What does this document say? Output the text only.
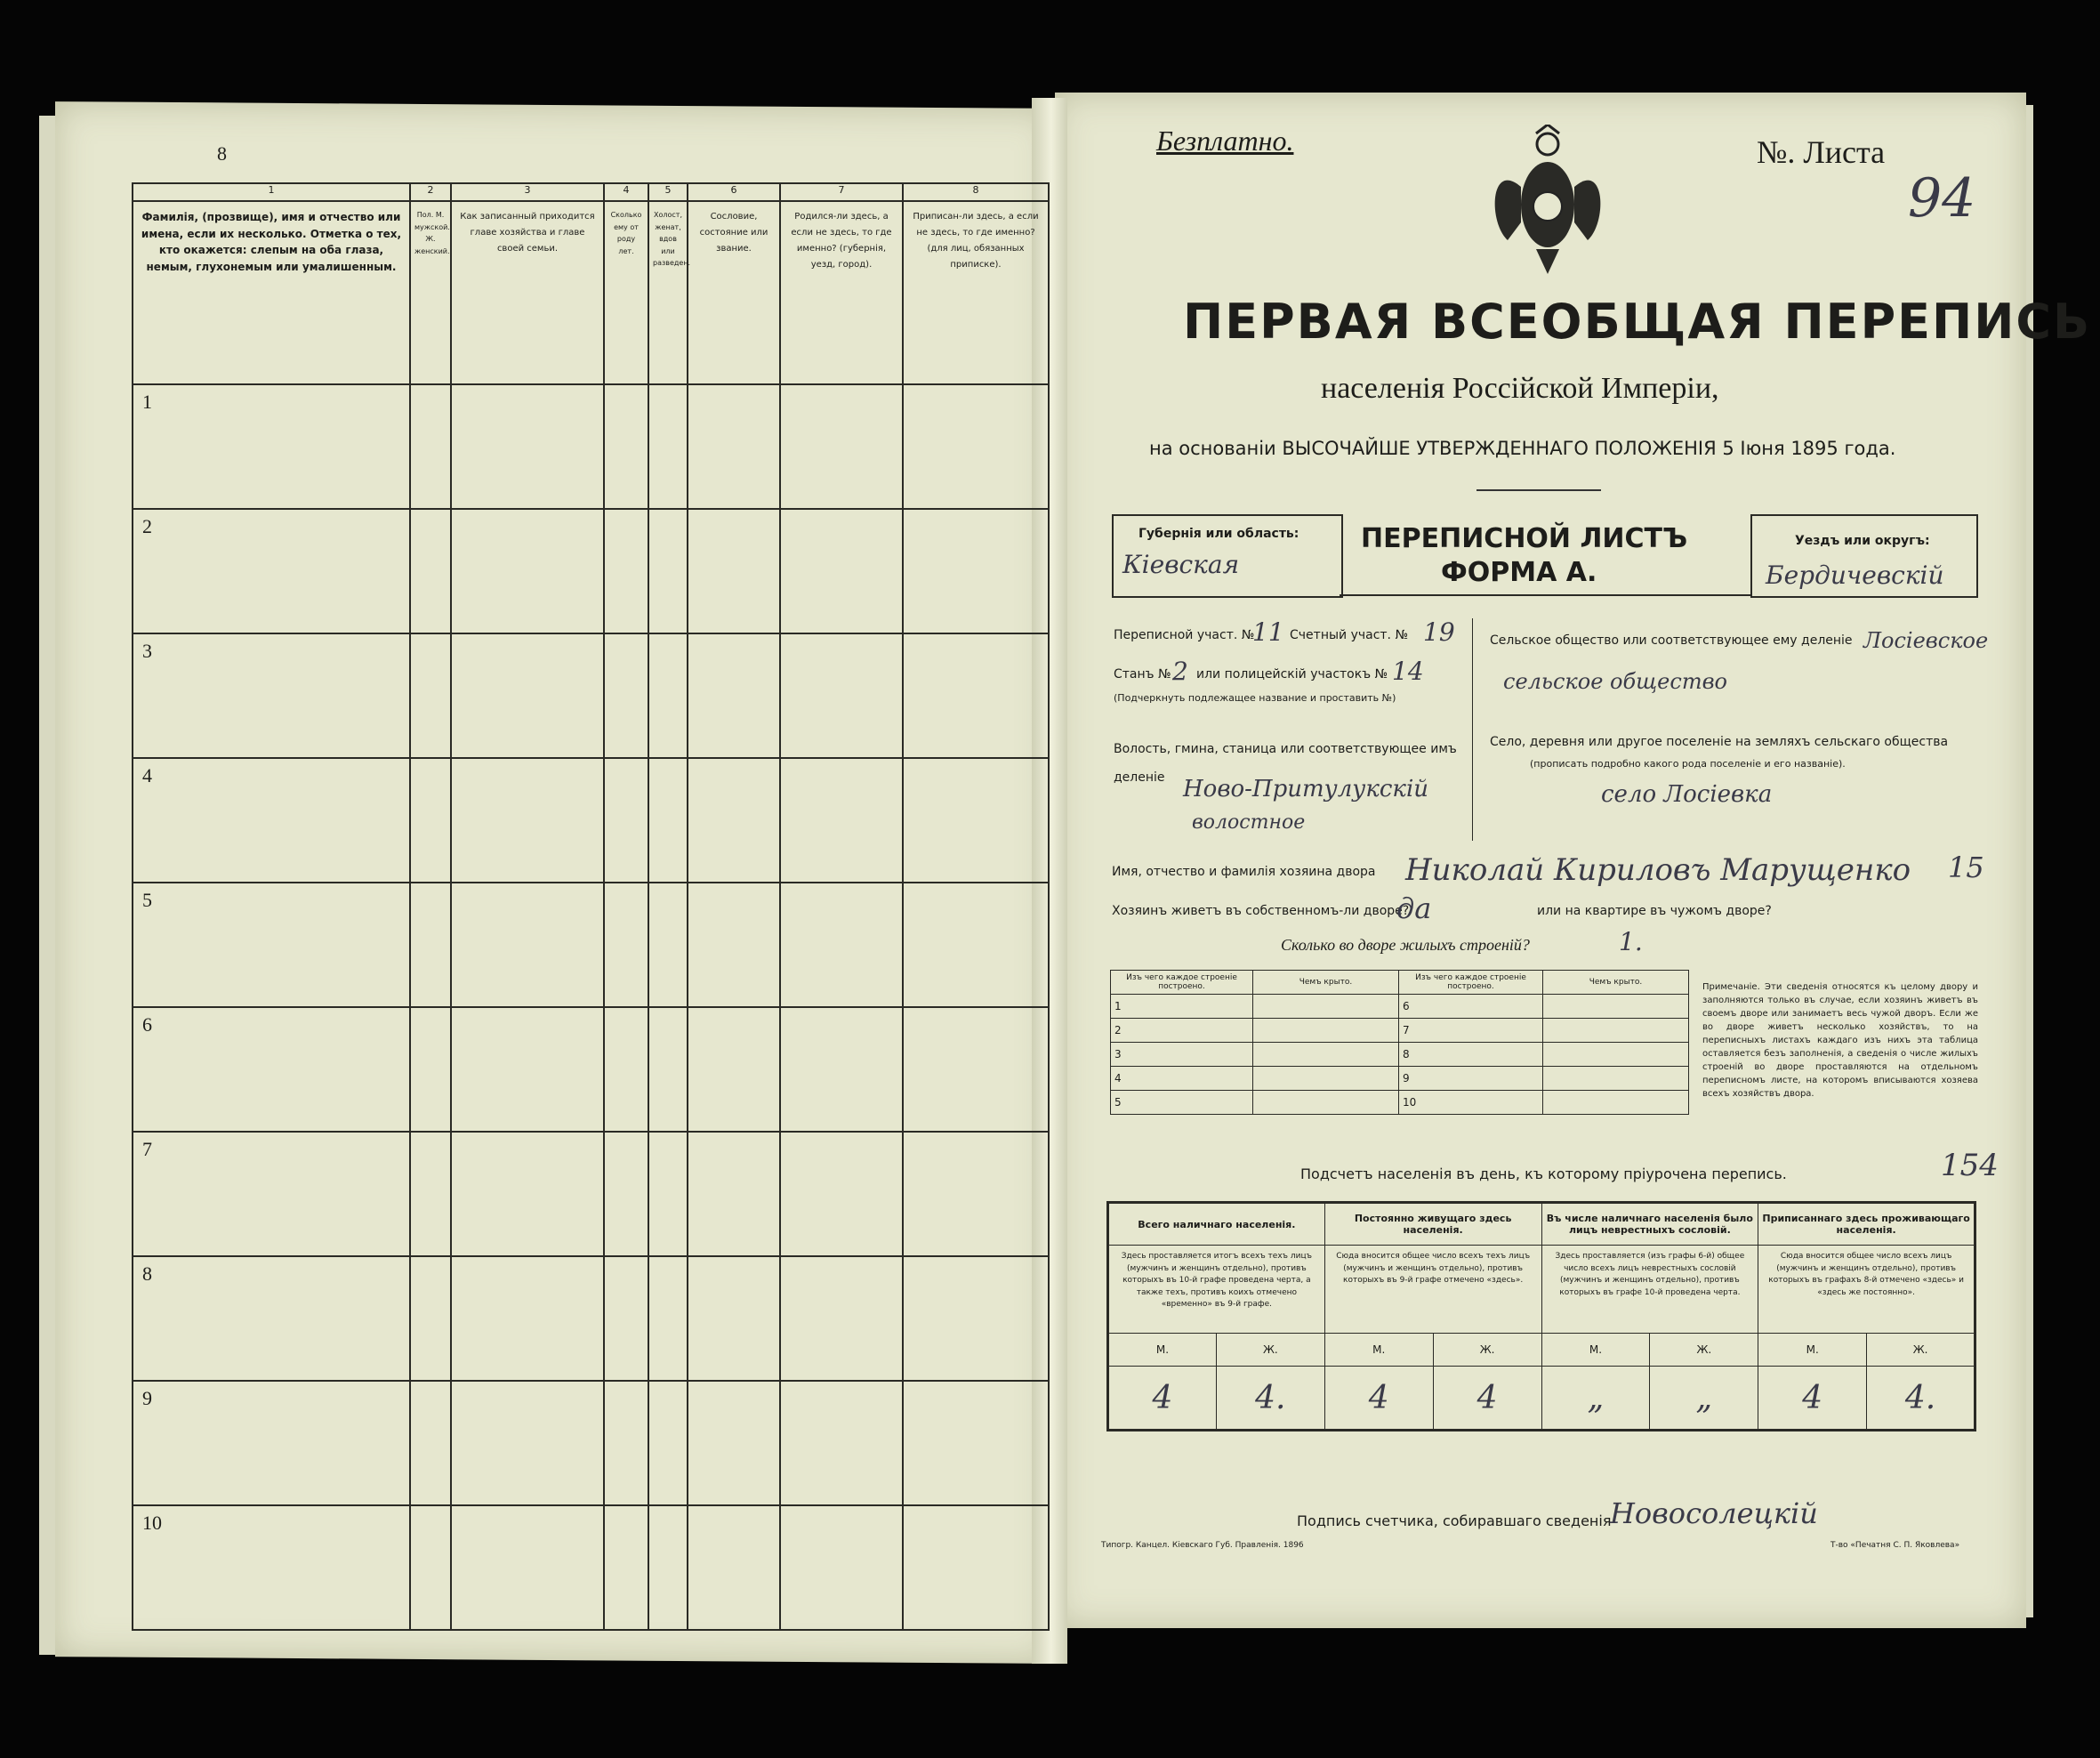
8
1	2	3	4	5	6	7	8
Фамилія, (прозвище), имя и отчество или имена, если их несколько. Отметка о тех, кто окажется: слепым на оба глаза, немым, глухонемым или умалишенным.	Пол. М. мужской. Ж. женский.	Как записанный приходится главе хозяйства и главе своей семьи.	Сколько ему от роду лет.	Холост, женат, вдов или разведен.	Сословие, состояние или звание.	Родился-ли здесь, а если не здесь, то где именно? (губернія, уезд, город).	Приписан-ли здесь, а если не здесь, то где именно? (для лиц, обязанных приписке).
1							
2							
3							
4							
5							
6							
7							
8							
9							
10							
Безплатно.	№. Листа
94
ПЕРВАЯ ВСЕОБЩАЯ ПЕРЕПИСЬ
населенія Россійской Имперіи,
на основаніи ВЫСОЧАЙШЕ УТВЕРЖДЕННАГО ПОЛОЖЕНІЯ 5 Іюня 1895 года.
Губернія или область:
Кіевская
ПЕРЕПИСНОЙ ЛИСТЪ
ФОРМА А.
Уездъ или округъ:
Бердичевскій
Переписной участ. №
11 Счетный участ. № 19
Станъ № 2 или полицейскій участокъ № 14
(Подчеркнуть подлежащее название и проставить №)
Волость, гмина, станица или соответствующее имъ деленіе Ново-Притулукскій
волостное
Сельское общество или соответствующее ему деленіе Лосіевское
сельское общество
Село, деревня или другое поселеніе на земляхъ сельскаго общества
(прописать подробно какого рода поселеніе и его названіе).
село Лосіевка
Имя, отчество и фамилія хозяина двора Николай Кириловъ Марущенко 15
Хозяинъ живетъ въ собственномъ-ли дворе?
да	или на квартире въ чужомъ дворе?
Сколько во дворе жилыхъ строеній?	1.
Изъ чего каждое строеніе построено.	Чемъ крыто.	Изъ чего каждое строеніе построено.	Чемъ крыто.
1		6	
2		7	
3		8	
4		9	
5		10	
Примечаніе. Эти сведенія относятся къ целому двору и заполняются только въ случае, если хозяинъ живетъ въ своемъ дворе или занимаетъ весь чужой дворъ. Если же во дворе живетъ несколько хозяйствъ, то на переписныхъ листахъ каждаго изъ нихъ эта таблица оставляется безъ заполненія, а сведенія о числе жилыхъ строеній во дворе проставляются на отдельномъ переписномъ листе, на которомъ вписываются хозяева всехъ хозяйствъ двора.
Подсчетъ населенія въ день, къ которому пріурочена перепись.	154
Всего наличнаго населенія.		Постоянно живущаго здесь населенія.		Въ числе наличнаго населенія было лицъ неврестныхъ сословій.		Приписаннаго здесь проживающаго населенія.	
Здесь проставляется итогъ всехъ техъ лицъ (мужчинъ и женщинъ отдельно), противъ которыхъ въ 10-й графе проведена черта, а также техъ, противъ коихъ отмечено «временно» въ 9-й графе.		Сюда вносится общее число всехъ техъ лицъ (мужчинъ и женщинъ отдельно), противъ которыхъ въ 9-й графе отмечено «здесь».		Здесь проставляется (изъ графы 6-й) общее число всехъ лицъ неврестныхъ сословій (мужчинъ и женщинъ отдельно), противъ которыхъ въ графе 10-й проведена черта.		Сюда вносится общее число всехъ лицъ (мужчинъ и женщинъ отдельно), противъ которыхъ въ графахъ 8-й отмечено «здесь» и «здесь же постоянно».	
М.	Ж.	М.	Ж.	М.	Ж.	М.	Ж.
4	4.	4	4	„	„	4	4.
Подпись счетчика, собиравшаго сведенія
Новосолецкій
Типогр. Канцел. Кіевскаго Губ. Правленія. 1896	Т-во «Печатня С. П. Яковлева»
